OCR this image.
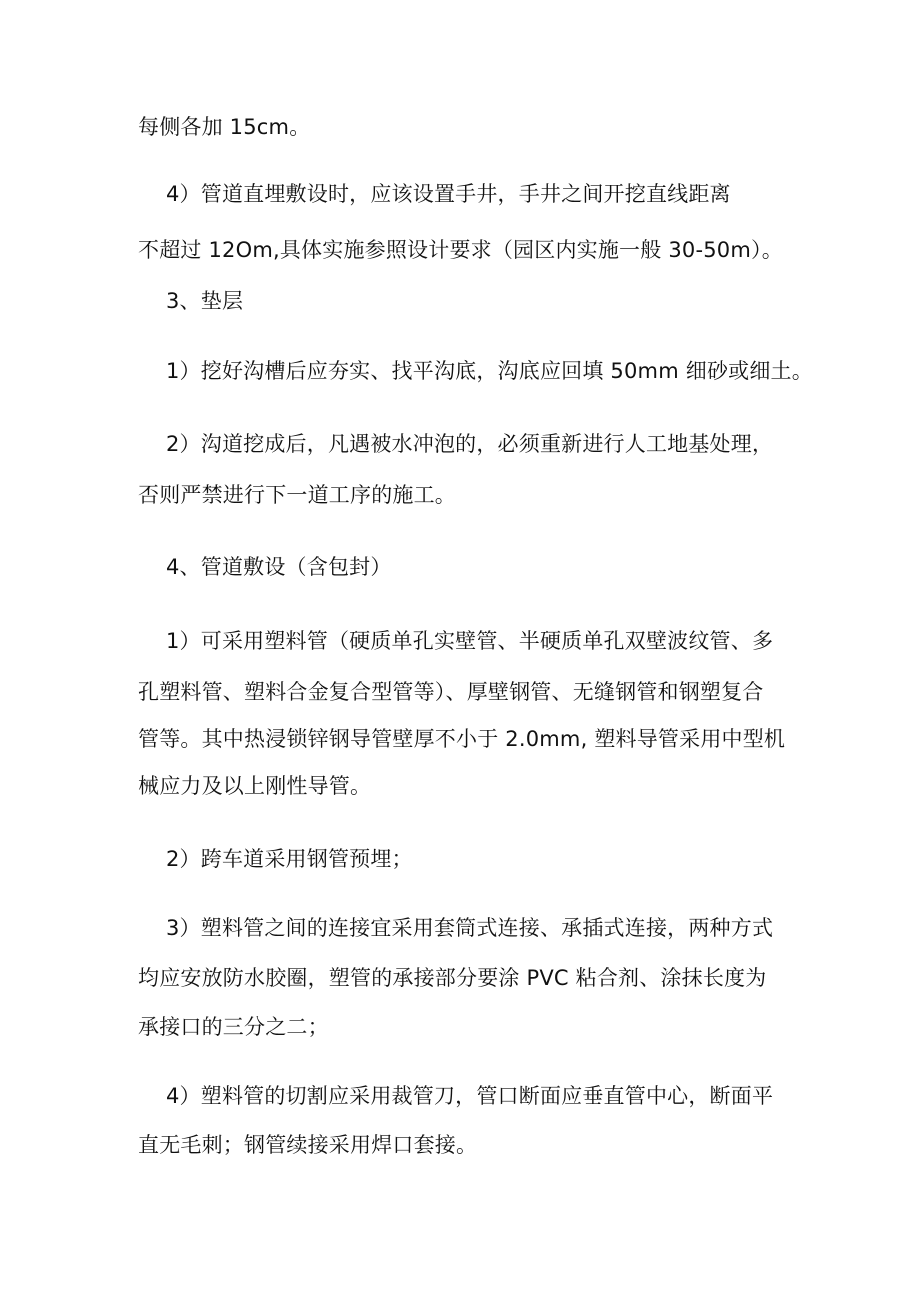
每侧各加 15cm。
4）管道直埋敷设时，应该设置手井，手井之间开挖直线距离
不超过 12Om,具体实施参照设计要求（园区内实施一般 30-50m）。
3、垫层
1）挖好沟槽后应夯实、找平沟底，沟底应回填 50mm 细砂或细土。
2）沟道挖成后，凡遇被水冲泡的，必须重新进行人工地基处理，
否则严禁进行下一道工序的施工。
4、管道敷设（含包封）
1）可采用塑料管（硬质单孔实壁管、半硬质单孔双壁波纹管、多
孔塑料管、塑料合金复合型管等）、厚壁钢管、无缝钢管和钢塑复合
管等。其中热浸锁锌钢导管壁厚不小于 2.0mm, 塑料导管采用中型机
械应力及以上刚性导管。
2）跨车道采用钢管预埋；
3）塑料管之间的连接宜采用套筒式连接、承插式连接，两种方式
均应安放防水胶圈，塑管的承接部分要涂 PVC 粘合剂、涂抹长度为
承接口的三分之二；
4）塑料管的切割应采用裁管刀，管口断面应垂直管中心，断面平
直无毛刺；钢管续接采用焊口套接。
